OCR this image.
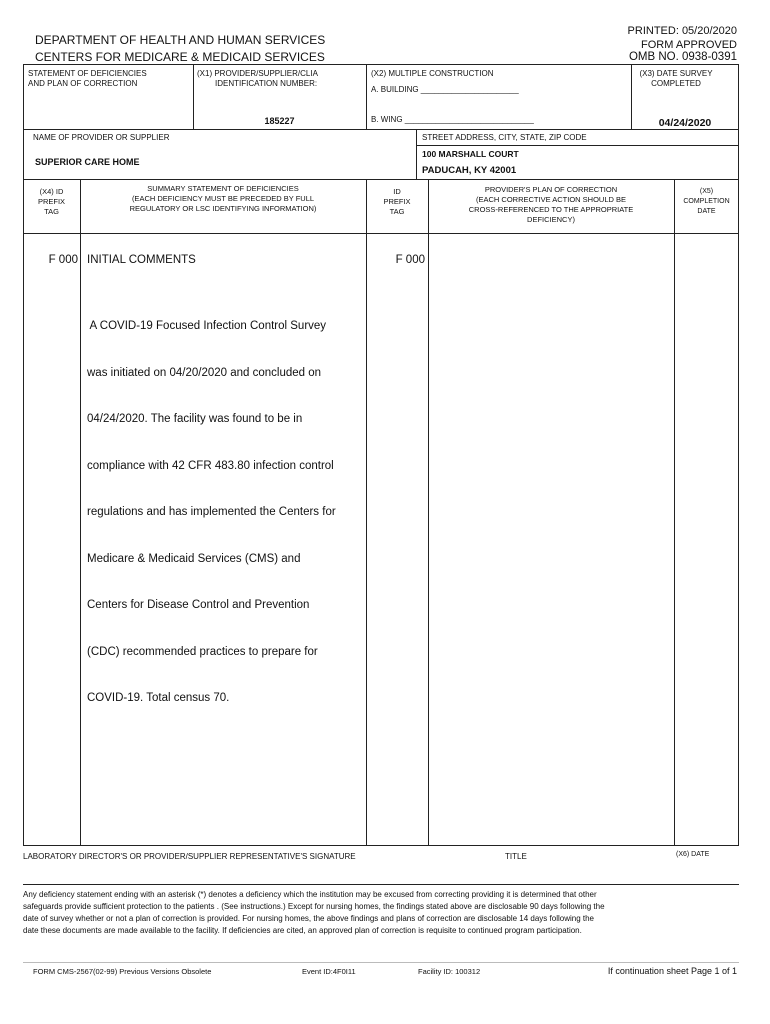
PRINTED: 05/20/2020
FORM APPROVED
OMB NO. 0938-0391
DEPARTMENT OF HEALTH AND HUMAN SERVICES
CENTERS FOR MEDICARE & MEDICAID SERVICES
STATEMENT OF DEFICIENCIES
AND PLAN OF CORRECTION
(X1) PROVIDER/SUPPLIER/CLIA
IDENTIFICATION NUMBER:
185227
(X2) MULTIPLE CONSTRUCTION
A. BUILDING ______________________
B. WING _____________________________
(X3) DATE SURVEY
COMPLETED
04/24/2020
NAME OF PROVIDER OR SUPPLIER
SUPERIOR CARE HOME
STREET ADDRESS, CITY, STATE, ZIP CODE
100 MARSHALL COURT
PADUCAH, KY 42001
(X4) ID
PREFIX
TAG
SUMMARY STATEMENT OF DEFICIENCIES
(EACH DEFICIENCY MUST BE PRECEDED BY FULL
REGULATORY OR LSC IDENTIFYING INFORMATION)
ID
PREFIX
TAG
PROVIDER'S PLAN OF CORRECTION
(EACH CORRECTIVE ACTION SHOULD BE
CROSS-REFERENCED TO THE APPROPRIATE
DEFICIENCY)
(X5)
COMPLETION
DATE
F 000 INITIAL COMMENTS	F 000

A COVID-19 Focused Infection Control Survey

was initiated on 04/20/2020 and concluded on

04/24/2020. The facility was found to be in

compliance with 42 CFR 483.80 infection control

regulations and has implemented the Centers for

Medicare & Medicaid Services (CMS) and

Centers for Disease Control and Prevention

(CDC) recommended practices to prepare for

COVID-19. Total census 70.

LABORATORY DIRECTOR'S OR PROVIDER/SUPPLIER REPRESENTATIVE'S SIGNATURE	TITLE	(X6) DATE
Any deficiency statement ending with an asterisk (*) denotes a deficiency which the institution may be excused from correcting providing it is determined that other
safeguards provide sufficient protection to the patients . (See instructions.) Except for nursing homes, the findings stated above are disclosable 90 days following the
date of survey whether or not a plan of correction is provided. For nursing homes, the above findings and plans of correction are disclosable 14 days following the
date these documents are made available to the facility. If deficiencies are cited, an approved plan of correction is requisite to continued program participation.
FORM CMS-2567(02-99) Previous Versions Obsolete	Event ID:4F0I11	Facility ID: 100312	If continuation sheet Page 1 of 1
